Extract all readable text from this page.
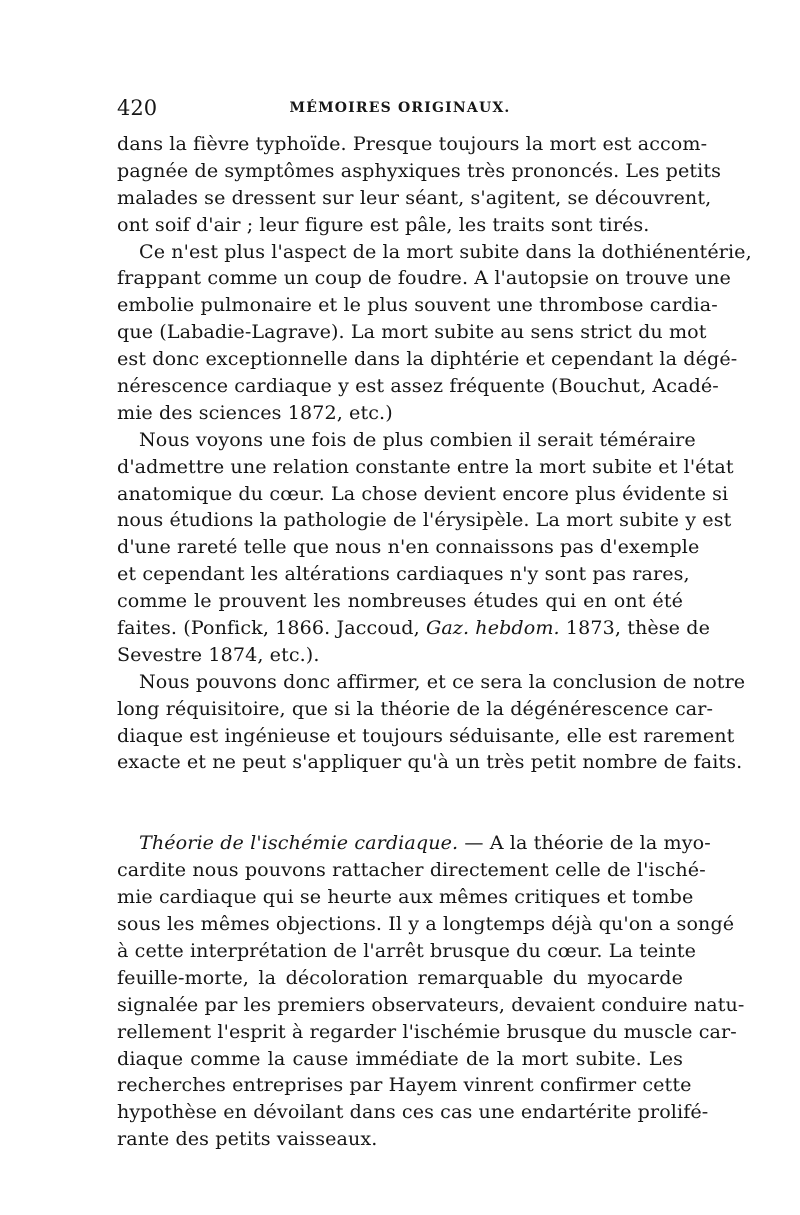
420	MÉMOIRES ORIGINAUX.
dans la fièvre typhoïde. Presque toujours la mort est accom-
pagnée de symptômes asphyxiques très prononcés. Les petits
malades se dressent sur leur séant, s'agitent, se découvrent,
ont soif d'air ; leur figure est pâle, les traits sont tirés.
Ce n'est plus l'aspect de la mort subite dans la dothiénentérie,
frappant comme un coup de foudre. A l'autopsie on trouve une
embolie pulmonaire et le plus souvent une thrombose cardia-
que (Labadie-Lagrave). La mort subite au sens strict du mot
est donc exceptionnelle dans la diphtérie et cependant la dégé-
nérescence cardiaque y est assez fréquente (Bouchut, Acadé-
mie des sciences 1872, etc.)
Nous voyons une fois de plus combien il serait téméraire
d'admettre une relation constante entre la mort subite et l'état
anatomique du cœur. La chose devient encore plus évidente si
nous étudions la pathologie de l'érysipèle. La mort subite y est
d'une rareté telle que nous n'en connaissons pas d'exemple
et cependant les altérations cardiaques n'y sont pas rares,
comme le prouvent les nombreuses études qui en ont été
faites. (Ponfick, 1866. Jaccoud, Gaz. hebdom. 1873, thèse de
Sevestre 1874, etc.).
Nous pouvons donc affirmer, et ce sera la conclusion de notre
long réquisitoire, que si la théorie de la dégénérescence car-
diaque est ingénieuse et toujours séduisante, elle est rarement
exacte et ne peut s'appliquer qu'à un très petit nombre de faits.
Théorie de l'ischémie cardiaque. — A la théorie de la myo-
cardite nous pouvons rattacher directement celle de l'isché-
mie cardiaque qui se heurte aux mêmes critiques et tombe
sous les mêmes objections. Il y a longtemps déjà qu'on a songé
à cette interprétation de l'arrêt brusque du cœur. La teinte
feuille-morte, la décoloration remarquable du myocarde
signalée par les premiers observateurs, devaient conduire natu-
rellement l'esprit à regarder l'ischémie brusque du muscle car-
diaque comme la cause immédiate de la mort subite. Les
recherches entreprises par Hayem vinrent confirmer cette
hypothèse en dévoilant dans ces cas une endartérite prolifé-
rante des petits vaisseaux.
